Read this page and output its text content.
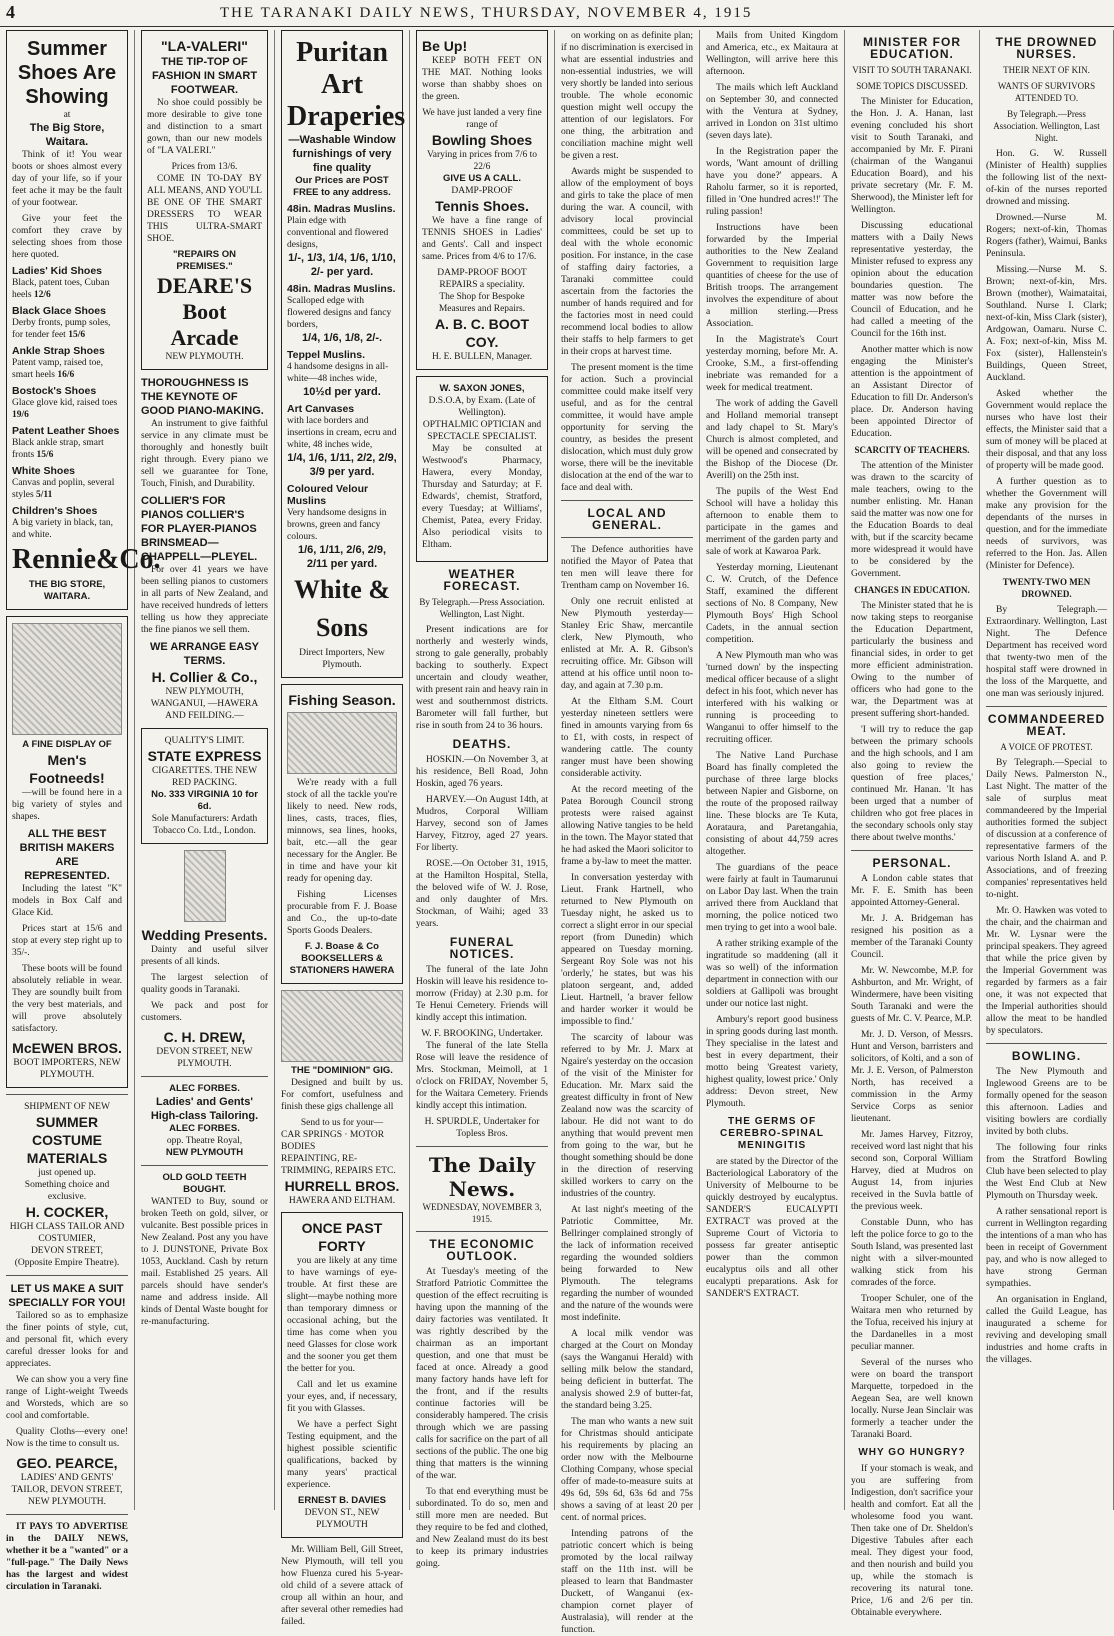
4	THE TARANAKI DAILY NEWS, THURSDAY, NOVEMBER 4, 1915
Summer Shoes Are Showing
at
The Big Store, Waitara.

Think of it! You wear boots or shoes almost every day of your life, so if your feet ache it may be the fault of your footwear.

Give your feet the comfort they crave by selecting shoes from those here quoted.

Ladies' Kid Shoes
Black, patent toes, Cuban heels 12/6
Black Glace Shoes
Derby fronts, pump soles, for tender feet 15/6
Ankle Strap Shoes
Patent vamp, raised toe, smart heels 16/6
Bostock's Shoes
Glace glove kid, raised toes 19/6
Patent Leather Shoes
Black ankle strap, smart fronts 15/6
White Shoes
Canvas and poplin, several styles 5/11
Children's Shoes
A big variety in black, tan, and white.
Rennie&Co.
THE BIG STORE, WAITARA.
A FINE DISPLAY OF
Men's Footneeds!

—will be found here in a big variety of styles and shapes.

ALL THE BEST BRITISH MAKERS ARE REPRESENTED.

Including the latest "K" models in Box Calf and Glace Kid.

Prices start at 15/6 and stop at every step right up to 35/-.

These boots will be found absolutely reliable in wear. They are soundly built from the very best materials, and will prove absolutely satisfactory.

McEWEN BROS.
BOOT IMPORTERS, NEW PLYMOUTH.
SHIPMENT OF NEW
SUMMER COSTUME MATERIALS
just opened up.
Something choice and exclusive.
H. COCKER,
HIGH CLASS TAILOR AND COSTUMIER,
DEVON STREET,
(Opposite Empire Theatre).
LET US MAKE A SUIT SPECIALLY FOR YOU!

Tailored so as to emphasize the finer points of style, cut, and personal fit, which every careful dresser looks for and appreciates.

We can show you a very fine range of Light-weight Tweeds and Worsteds, which are so cool and comfortable.

Quality Cloths—every one! Now is the time to consult us.

GEO. PEARCE,
LADIES' AND GENTS' TAILOR, DEVON STREET, NEW PLYMOUTH.

IT PAYS TO ADVERTISE in the DAILY NEWS, whether it be a "wanted" or a "full-page." The Daily News has the largest and widest circulation in Taranaki.

"LA-VALERI"
THE TIP-TOP OF FASHION IN SMART FOOTWEAR.

No shoe could possibly be more desirable to give tone and distinction to a smart gown, than our new models of "LA VALERI."

Prices from 13/6.

COME IN TO-DAY BY ALL MEANS, AND YOU'LL BE ONE OF THE SMART DRESSERS TO WEAR THIS ULTRA-SMART SHOE.

"REPAIRS ON PREMISES."
DEARE'S Boot Arcade
NEW PLYMOUTH.
THOROUGHNESS IS THE KEYNOTE OF GOOD PIANO-MAKING.

An instrument to give faithful service in any climate must be thoroughly and honestly built right through. Every piano we sell we guarantee for Tone, Touch, Finish, and Durability.

COLLIER'S FOR PIANOS COLLIER'S FOR PLAYER-PIANOS
BRINSMEAD—CHAPPELL—PLEYEL.

For over 41 years we have been selling pianos to customers in all parts of New Zealand, and have received hundreds of letters telling us how they appreciate the fine pianos we sell them.

WE ARRANGE EASY TERMS.
H. Collier & Co.,
NEW PLYMOUTH, WANGANUI, —HAWERA AND FEILDING.—
QUALITY'S LIMIT.
STATE EXPRESS
CIGARETTES. THE NEW RED PACKING.
No. 333 VIRGINIA 10 for 6d.
Sole Manufacturers: Ardath Tobacco Co. Ltd., London.
Wedding Presents.

Dainty and useful silver presents of all kinds.

The largest selection of quality goods in Taranaki.

We pack and post for customers.

C. H. DREW,
DEVON STREET, NEW PLYMOUTH.
ALEC FORBES.
Ladies' and Gents' High-class Tailoring.
ALEC FORBES.
opp. Theatre Royal,
NEW PLYMOUTH
OLD GOLD TEETH BOUGHT.

WANTED to Buy, sound or broken Teeth on gold, silver, or vulcanite. Best possible prices in New Zealand. Post any you have to J. DUNSTONE, Private Box 1053, Auckland. Cash by return mail. Established 25 years. All parcels should have sender's name and address inside. All kinds of Dental Waste bought for re-manufacturing.

Puritan Art Draperies
—Washable Window furnishings of very fine quality
Our Prices are POST FREE to any address.
48in. Madras Muslins.
Plain edge with conventional and flowered designs,
1/-, 1/3, 1/4, 1/6, 1/10, 2/- per yard.
48in. Madras Muslins.
Scalloped edge with flowered designs and fancy borders,
1/4, 1/6, 1/8, 2/-.
Teppel Muslins.
4 handsome designs in all-white—48 inches wide,
10½d per yard.
Art Canvases
with lace borders and insertions in cream, ecru and white, 48 inches wide,
1/4, 1/6, 1/11, 2/2, 2/9, 3/9 per yard.
Coloured Velour Muslins
Very handsome designs in browns, green and fancy colours.
1/6, 1/11, 2/6, 2/9, 2/11 per yard.
White & Sons
Direct Importers, New Plymouth.
Fishing Season.

We're ready with a full stock of all the tackle you're likely to need. New rods, lines, casts, traces, flies, minnows, sea lines, hooks, bait, etc.—all the gear necessary for the Angler. Be in time and have your kit ready for opening day.

Fishing Licenses procurable from F. J. Boase and Co., the up-to-date Sports Goods Dealers.

F. J. Boase & Co BOOKSELLERS & STATIONERS HAWERA
THE "DOMINION" GIG.

Designed and built by us. For comfort, usefulness and finish these gigs challenge all

Send to us for your—
CAR SPRINGS · MOTOR BODIES
REPAINTING, RE-TRIMMING, REPAIRS ETC.
HURRELL BROS.
HAWERA AND ELTHAM.
ONCE PAST FORTY

you are likely at any time to have warnings of eye-trouble. At first these are slight—maybe nothing more than temporary dimness or occasional aching, but the time has come when you need Glasses for close work and the sooner you get them the better for you.

Call and let us examine your eyes, and, if necessary, fit you with Glasses.

We have a perfect Sight Testing equipment, and the highest possible scientific qualifications, backed by many years' practical experience.

ERNEST B. DAVIES
DEVON ST., NEW PLYMOUTH

Mr. William Bell, Gill Street, New Plymouth, will tell you how Fluenza cured his 5-year-old child of a severe attack of croup all within an hour, and after several other remedies had failed.

Be Up!

KEEP BOTH FEET ON THE MAT. Nothing looks worse than shabby shoes on the green.

We have just landed a very fine range of
Bowling Shoes
Varying in prices from 7/6 to 22/6
GIVE US A CALL.
DAMP-PROOF
Tennis Shoes.

We have a fine range of TENNIS SHOES in Ladies' and Gents'. Call and inspect same. Prices from 4/6 to 17/6.

DAMP-PROOF BOOT REPAIRS a speciality.
The Shop for Bespoke Measures and Repairs.
A. B. C. BOOT COY.
H. E. BULLEN, Manager.
W. SAXON JONES,
D.S.O.A, by Exam. (Late of Wellington).
OPTHALMIC OPTICIAN and SPECTACLE SPECIALIST.

May be consulted at Westwood's Pharmacy, Hawera, every Monday, Thursday and Saturday; at F. Edwards', chemist, Stratford, every Tuesday; at Williams', Chemist, Patea, every Friday. Also periodical visits to Eltham.

WEATHER FORECAST.
By Telegraph.—Press Association. Wellington, Last Night.

Present indications are for northerly and westerly winds, strong to gale generally, probably backing to southerly. Expect uncertain and cloudy weather, with present rain and heavy rain in west and southernmost districts. Barometer will fall further, but rise in south from 24 to 36 hours.

DEATHS.

HOSKIN.—On November 3, at his residence, Bell Road, John Hoskin, aged 76 years.

HARVEY.—On August 14th, at Mudros, Corporal William Harvey, second son of James Harvey, Fitzroy, aged 27 years. For liberty.

ROSE.—On October 31, 1915, at the Hamilton Hospital, Stella, the beloved wife of W. J. Rose, and only daughter of Mrs. Stockman, of Waihi; aged 33 years.

FUNERAL NOTICES.

The funeral of the late John Hoskin will leave his residence to-morrow (Friday) at 2.30 p.m. for Te Henui Cemetery. Friends will kindly accept this intimation.

W. F. BROOKING, Undertaker.

The funeral of the late Stella Rose will leave the residence of Mrs. Stockman, Meimoll, at 1 o'clock on FRIDAY, November 5, for the Waitara Cemetery. Friends kindly accept this intimation.

H. SPURDLE, Undertaker for Topless Bros.
The Daily News.
WEDNESDAY, NOVEMBER 3, 1915.
THE ECONOMIC OUTLOOK.

At Tuesday's meeting of the Stratford Patriotic Committee the question of the effect recruiting is having upon the manning of the dairy factories was ventilated. It was rightly described by the chairman as an important question, and one that must be faced at once. Already a good many factory hands have left for the front, and if the results continue factories will be considerably hampered. The crisis through which we are passing calls for sacrifice on the part of all sections of the public. The one big thing that matters is the winning of the war.

To that end everything must be subordinated. To do so, men and still more men are needed. But they require to be fed and clothed, and New Zealand must do its best to keep its primary industries going.

on working on as definite plan; if no discrimination is exercised in what are essential industries and non-essential industries, we will very shortly be landed into serious trouble. The whole economic question might well occupy the attention of our legislators. For one thing, the arbitration and conciliation machine might well be given a rest.

Awards might be suspended to allow of the employment of boys and girls to take the place of men during the war. A council, with advisory local provincial committees, could be set up to deal with the whole economic position. For instance, in the case of staffing dairy factories, a Taranaki committee could ascertain from the factories the number of hands required and for the factories most in need could recommend local bodies to allow their staffs to help farmers to get in their crops at harvest time.

The present moment is the time for action. Such a provincial committee could make itself very useful, and as for the central committee, it would have ample opportunity for serving the country, as besides the present dislocation, which must duly grow worse, there will be the inevitable dislocation at the end of the war to face and deal with.

LOCAL AND GENERAL.

The Defence authorities have notified the Mayor of Patea that ten men will leave there for Trentham camp on November 16.

Only one recruit enlisted at New Plymouth yesterday—Stanley Eric Shaw, mercantile clerk, New Plymouth, who enlisted at Mr. A. R. Gibson's recruiting office. Mr. Gibson will attend at his office until noon to-day, and again at 7.30 p.m.

At the Eltham S.M. Court yesterday nineteen settlers were fined in amounts varying from 6s to £1, with costs, in respect of wandering cattle. The county ranger must have been showing considerable activity.

At the record meeting of the Patea Borough Council strong protests were raised against allowing Native tangies to be held in the town. The Mayor stated that he had asked the Maori solicitor to frame a by-law to meet the matter.

In conversation yesterday with Lieut. Frank Hartnell, who returned to New Plymouth on Tuesday night, he asked us to correct a slight error in our special report (from Dunedin) which appeared on Tuesday morning. Sergeant Roy Sole was not his 'orderly,' he states, but was his platoon sergeant, and, added Lieut. Hartnell, 'a braver fellow and harder worker it would be impossible to find.'

The scarcity of labour was referred to by Mr. J. Marx at Ngaire's yesterday on the occasion of the visit of the Minister for Education. Mr. Marx said the greatest difficulty in front of New Zealand now was the scarcity of labour. He did not want to do anything that would prevent men from going to the war, but he thought something should be done in the direction of reserving skilled workers to carry on the industries of the country.

At last night's meeting of the Patriotic Committee, Mr. Bellringer complained strongly of the lack of information received regarding the wounded soldiers being forwarded to New Plymouth. The telegrams regarding the number of wounded and the nature of the wounds were most indefinite.

A local milk vendor was charged at the Court on Monday (says the Wanganui Herald) with selling milk below the standard, being deficient in butterfat. The analysis showed 2.9 of butter-fat, the standard being 3.25.

The man who wants a new suit for Christmas should anticipate his requirements by placing an order now with the Melbourne Clothing Company, whose special offer of made-to-measure suits at 49s 6d, 59s 6d, 63s 6d and 75s shows a saving of at least 20 per cent. of normal prices.

Intending patrons of the patriotic concert which is being promoted by the local railway staff on the 11th inst. will be pleased to learn that Bandmaster Duckett, of Wanganui (ex-champion cornet player of Australasia), will render at the function.

Mails from United Kingdom and America, etc., ex Maitaura at Wellington, will arrive here this afternoon.

The mails which left Auckland on September 30, and connected with the Ventura at Sydney, arrived in London on 31st ultimo (seven days late).

In the Registration paper the words, 'Want amount of drilling have you done?' appears. A Raholu farmer, so it is reported, filled in 'One hundred acres!!' The ruling passion!

Instructions have been forwarded by the Imperial authorities to the New Zealand Government to requisition large quantities of cheese for the use of British troops. The arrangement involves the expenditure of about a million sterling.—Press Association.

In the Magistrate's Court yesterday morning, before Mr. A. Crooke, S.M., a first-offending inebriate was remanded for a week for medical treatment.

The work of adding the Gavell and Holland memorial transept and lady chapel to St. Mary's Church is almost completed, and will be opened and consecrated by the Bishop of the Diocese (Dr. Averill) on the 25th inst.

The pupils of the West End School will have a holiday this afternoon to enable them to participate in the games and merriment of the garden party and sale of work at Kawaroa Park.

Yesterday morning, Lieutenant C. W. Crutch, of the Defence Staff, examined the different sections of No. 8 Company, New Plymouth Boys' High School Cadets, in the annual section competition.

A New Plymouth man who was 'turned down' by the inspecting medical officer because of a slight defect in his foot, which never has interfered with his walking or running is proceeding to Wanganui to offer himself to the recruiting officer.

The Native Land Purchase Board has finally completed the purchase of three large blocks between Napier and Gisborne, on the route of the proposed railway line. These blocks are Te Kuta, Aorataura, and Paretangahia, consisting of about 44,759 acres altogether.

The guardians of the peace were fairly at fault in Taumarunui on Labor Day last. When the train arrived there from Auckland that morning, the police noticed two men trying to get into a wool bale.

A rather striking example of the ingratitude so maddening (all it was so well) of the information department in connection with our soldiers at Gallipoli was brought under our notice last night.

Ambury's report good business in spring goods during last month. They specialise in the latest and best in every department, their motto being 'Greatest variety, highest quality, lowest price.' Only address: Devon street, New Plymouth.

THE GERMS OF CEREBRO-SPINAL MENINGITIS

are stated by the Director of the Bacteriological Laboratory of the University of Melbourne to be quickly destroyed by eucalyptus. SANDER'S EUCALYPTI EXTRACT was proved at the Supreme Court of Victoria to possess far greater antiseptic power than the common eucalyptus oils and all other eucalypti preparations. Ask for SANDER'S EXTRACT.

MINISTER FOR EDUCATION.
VISIT TO SOUTH TARANAKI.
SOME TOPICS DISCUSSED.

The Minister for Education, the Hon. J. A. Hanan, last evening concluded his short visit to South Taranaki, and accompanied by Mr. F. Pirani (chairman of the Wanganui Education Board), and his private secretary (Mr. F. M. Sherwood), the Minister left for Wellington.

Discussing educational matters with a Daily News representative yesterday, the Minister refused to express any opinion about the education boundaries question. The matter was now before the Council of Education, and he had called a meeting of the Council for the 16th inst.

Another matter which is now engaging the Minister's attention is the appointment of an Assistant Director of Education to fill Dr. Anderson's place. Dr. Anderson having been appointed Director of Education.

SCARCITY OF TEACHERS.

The attention of the Minister was drawn to the scarcity of male teachers, owing to the number enlisting. Mr. Hanan said the matter was now one for the Education Boards to deal with, but if the scarcity became more widespread it would have to be considered by the Government.

CHANGES IN EDUCATION.

The Minister stated that he is now taking steps to reorganise the Education Department, particularly the business and financial sides, in order to get more efficient administration. Owing to the number of officers who had gone to the war, the Department was at present suffering short-handed.

'I will try to reduce the gap between the primary schools and the high schools, and I am also going to review the question of free places,' continued Mr. Hanan. 'It has been urged that a number of children who got free places in the secondary schools only stay there about twelve months.'

PERSONAL.

A London cable states that Mr. F. E. Smith has been appointed Attorney-General.

Mr. J. A. Bridgeman has resigned his position as a member of the Taranaki County Council.

Mr. W. Newcombe, M.P. for Ashburton, and Mr. Wright, of Windermere, have been visiting South Taranaki and were the guests of Mr. C. V. Pearce, M.P.

Mr. J. D. Verson, of Messrs. Hunt and Verson, barristers and solicitors, of Kolti, and a son of Mr. J. E. Verson, of Palmerston North, has received a commission in the Army Service Corps as senior lieutenant.

Mr. James Harvey, Fitzroy, received word last night that his second son, Corporal William Harvey, died at Mudros on August 14, from injuries received in the Suvla battle of the previous week.

Constable Dunn, who has left the police force to go to the South Island, was presented last night with a silver-mounted walking stick from his comrades of the force.

Trooper Schuler, one of the Waitara men who returned by the Tofua, received his injury at the Dardanelles in a most peculiar manner.

Several of the nurses who were on board the transport Marquette, torpedoed in the Aegean Sea, are well known locally. Nurse Jean Sinclair was formerly a teacher under the Taranaki Board.

WHY GO HUNGRY?

If your stomach is weak, and you are suffering from Indigestion, don't sacrifice your health and comfort. Eat all the wholesome food you want. Then take one of Dr. Sheldon's Digestive Tabules after each meal. They digest your food, and then nourish and build you up, while the stomach is recovering its natural tone. Price, 1/6 and 2/6 per tin. Obtainable everywhere.

THE DROWNED NURSES.
THEIR NEXT OF KIN.
WANTS OF SURVIVORS ATTENDED TO.
By Telegraph.—Press Association. Wellington, Last Night.

Hon. G. W. Russell (Minister of Health) supplies the following list of the next-of-kin of the nurses reported drowned and missing.

Drowned.—Nurse M. Rogers; next-of-kin, Thomas Rogers (father), Waimui, Banks Peninsula.

Missing.—Nurse M. S. Brown; next-of-kin, Mrs. Brown (mother), Waimataitai, Southland. Nurse I. Clark; next-of-kin, Miss Clark (sister), Ardgowan, Oamaru. Nurse C. A. Fox; next-of-kin, Miss M. Fox (sister), Hallenstein's Buildings, Queen Street, Auckland.

Asked whether the Government would replace the nurses who have lost their effects, the Minister said that a sum of money will be placed at their disposal, and that any loss of property will be made good.

A further question as to whether the Government will make any provision for the dependants of the nurses in question, and for the immediate needs of survivors, was referred to the Hon. Jas. Allen (Minister for Defence).

TWENTY-TWO MEN DROWNED.

By Telegraph.—Extraordinary. Wellington, Last Night. The Defence Department has received word that twenty-two men of the hospital staff were drowned in the loss of the Marquette, and one man was seriously injured.

COMMANDEERED MEAT.
A VOICE OF PROTEST.

By Telegraph.—Special to Daily News. Palmerston N., Last Night. The matter of the sale of surplus meat commandeered by the Imperial authorities formed the subject of discussion at a conference of representative farmers of the various North Island A. and P. Associations, and of freezing companies' representatives held to-night.

Mr. O. Hawken was voted to the chair, and the chairman and Mr. W. Lysnar were the principal speakers. They agreed that while the price given by the Imperial Government was regarded by farmers as a fair one, it was not expected that the Imperial authorities should allow the meat to be handled by speculators.

BOWLING.

The New Plymouth and Inglewood Greens are to be formally opened for the season this afternoon. Ladies and visiting bowlers are cordially invited by both clubs.

The following four rinks from the Stratford Bowling Club have been selected to play the West End Club at New Plymouth on Thursday week.

A rather sensational report is current in Wellington regarding the intentions of a man who has been in receipt of Government pay, and who is now alleged to have strong German sympathies.

An organisation in England, called the Guild League, has inaugurated a scheme for reviving and developing small industries and home crafts in the villages.
